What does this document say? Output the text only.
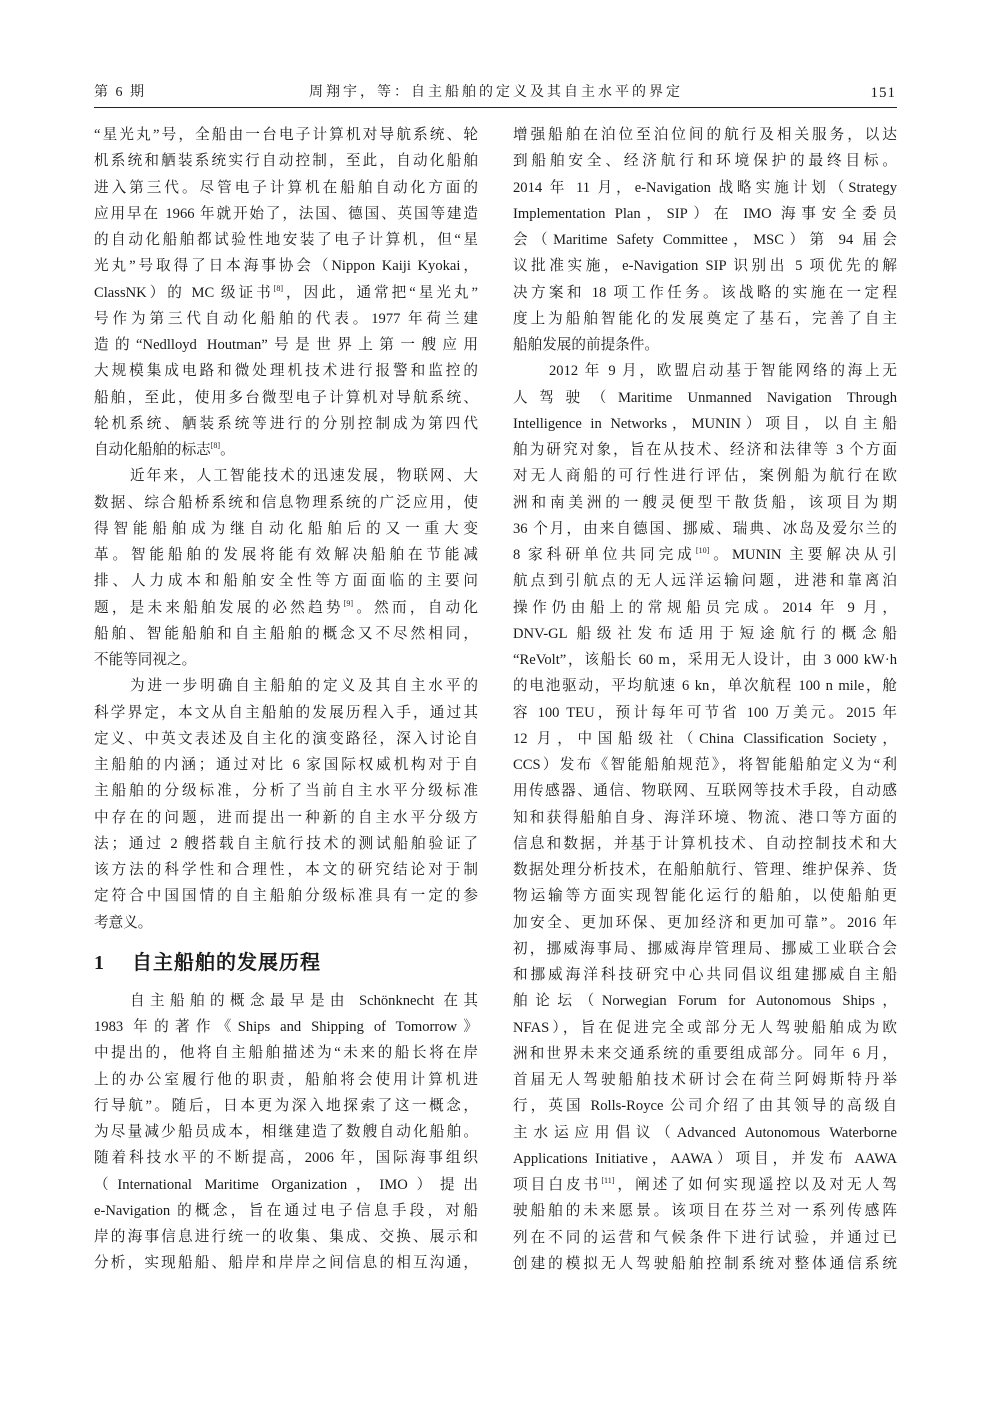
第 6 期	周翔宇，等：自主船舶的定义及其自主水平的界定	151
“星光丸”号，全船由一台电子计算机对导航系统、轮
机系统和舾装系统实行自动控制，至此，自动化船舶
进入第三代。尽管电子计算机在船舶自动化方面的
应用早在 1966 年就开始了，法国、德国、英国等建造
的自动化船舶都试验性地安装了电子计算机，但“星
光丸”号取得了日本海事协会（Nippon Kaiji Kyokai，
ClassNK）的 MC 级证书[8]，因此，通常把“星光丸”
号作为第三代自动化船舶的代表。1977 年荷兰建
造的“Nedlloyd Houtman”号是世界上第一艘应用
大规模集成电路和微处理机技术进行报警和监控的
船舶，至此，使用多台微型电子计算机对导航系统、
轮机系统、舾装系统等进行的分别控制成为第四代
自动化船舶的标志[8]。
近年来，人工智能技术的迅速发展，物联网、大
数据、综合船桥系统和信息物理系统的广泛应用，使
得智能船舶成为继自动化船舶后的又一重大变
革。智能船舶的发展将能有效解决船舶在节能减
排、人力成本和船舶安全性等方面面临的主要问
题，是未来船舶发展的必然趋势[9]。然而，自动化
船舶、智能船舶和自主船舶的概念又不尽然相同，
不能等同视之。
为进一步明确自主船舶的定义及其自主水平的
科学界定，本文从自主船舶的发展历程入手，通过其
定义、中英文表述及自主化的演变路径，深入讨论自
主船舶的内涵；通过对比 6 家国际权威机构对于自
主船舶的分级标准，分析了当前自主水平分级标准
中存在的问题，进而提出一种新的自主水平分级方
法；通过 2 艘搭载自主航行技术的测试船舶验证了
该方法的科学性和合理性，本文的研究结论对于制
定符合中国国情的自主船舶分级标准具有一定的参
考意义。
1 自主船舶的发展历程
自主船舶的概念最早是由 Schönknecht 在其
1983 年的著作《Ships and Shipping of Tomorrow》
中提出的，他将自主船舶描述为“未来的船长将在岸
上的办公室履行他的职责，船舶将会使用计算机进
行导航”。随后，日本更为深入地探索了这一概念，
为尽量减少船员成本，相继建造了数艘自动化船舶。
随着科技水平的不断提高，2006 年，国际海事组织
（International Maritime Organization，IMO）提出
e-Navigation 的概念，旨在通过电子信息手段，对船
岸的海事信息进行统一的收集、集成、交换、展示和
分析，实现船船、船岸和岸岸之间信息的相互沟通，
增强船舶在泊位至泊位间的航行及相关服务，以达
到船舶安全、经济航行和环境保护的最终目标。
2014 年 11 月，e-Navigation 战略实施计划（Strategy
Implementation Plan，SIP）在 IMO 海事安全委员
会（Maritime Safety Committee，MSC）第 94 届会
议批准实施，e-Navigation SIP 识别出 5 项优先的解
决方案和 18 项工作任务。该战略的实施在一定程
度上为船舶智能化的发展奠定了基石，完善了自主
船舶发展的前提条件。
2012 年 9 月，欧盟启动基于智能网络的海上无
人驾驶（Maritime Unmanned Navigation Through
Intelligence in Networks，MUNIN）项目，以自主船
舶为研究对象，旨在从技术、经济和法律等 3 个方面
对无人商船的可行性进行评估，案例船为航行在欧
洲和南美洲的一艘灵便型干散货船，该项目为期
36 个月，由来自德国、挪威、瑞典、冰岛及爱尔兰的
8 家科研单位共同完成[10]。MUNIN 主要解决从引
航点到引航点的无人远洋运输问题，进港和靠离泊
操作仍由船上的常规船员完成。2014 年 9 月，
DNV-GL 船级社发布适用于短途航行的概念船
“ReVolt”，该船长 60 m，采用无人设计，由 3 000 kW·h
的电池驱动，平均航速 6 kn，单次航程 100 n mile，舱
容 100 TEU，预计每年可节省 100 万美元。2015 年
12 月，中国船级社（China Classification Society，
CCS）发布《智能船舶规范》，将智能船舶定义为“利
用传感器、通信、物联网、互联网等技术手段，自动感
知和获得船舶自身、海洋环境、物流、港口等方面的
信息和数据，并基于计算机技术、自动控制技术和大
数据处理分析技术，在船舶航行、管理、维护保养、货
物运输等方面实现智能化运行的船舶，以使船舶更
加安全、更加环保、更加经济和更加可靠”。2016 年
初，挪威海事局、挪威海岸管理局、挪威工业联合会
和挪威海洋科技研究中心共同倡议组建挪威自主船
舶论坛（Norwegian Forum for Autonomous Ships，
NFAS），旨在促进完全或部分无人驾驶船舶成为欧
洲和世界未来交通系统的重要组成部分。同年 6 月，
首届无人驾驶船舶技术研讨会在荷兰阿姆斯特丹举
行，英国 Rolls-Royce 公司介绍了由其领导的高级自
主水运应用倡议（Advanced Autonomous Waterborne
Applications Initiative，AAWA）项目，并发布 AAWA
项目白皮书[11]，阐述了如何实现遥控以及对无人驾
驶船舶的未来愿景。该项目在芬兰对一系列传感阵
列在不同的运营和气候条件下进行试验，并通过已
创建的模拟无人驾驶船舶控制系统对整体通信系统
